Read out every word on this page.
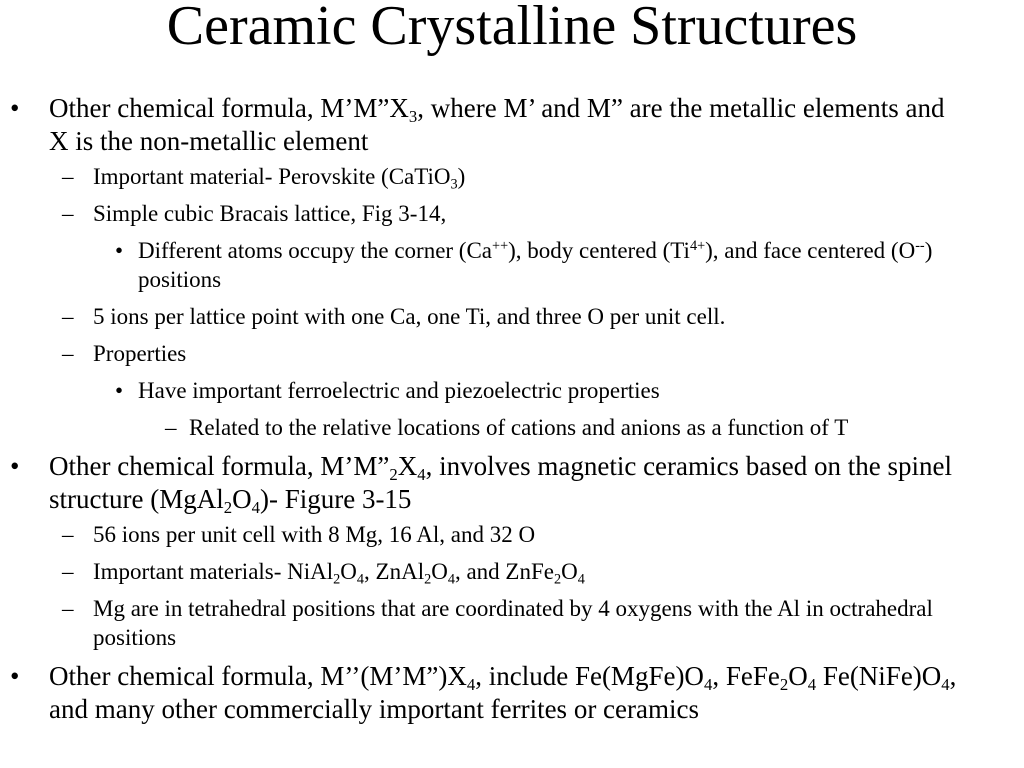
Ceramic Crystalline Structures
• Other chemical formula, $M’M”X_3$, where M’ and M” are the metallic elements and X is the non-metallic element
– Important material- Perovskite (CaTiO$_3$)
– Simple cubic Bracais lattice, Fig 3-14,
• Different atoms occupy the corner (Ca++), body centered $(Ti^{4+})$, and face centered (O--) positions
– 5 ions per lattice point with one Ca, one Ti, and three O per unit cell.
– Properties
• Have important ferroelectric and piezoelectric properties
– Related to the relative locations of cations and anions as a function of T
• Other chemical formula, $M’M”_2X_4$, involves magnetic ceramics based on the spinel structure $(MgAl_2O_4)-$ Figure 3-15
– 56 ions per unit cell with 8 Mg, 16 Al, and 32 O
– Important materials- $NiAl_2O_4$, $ZnAl_2O_4$, and $ZnFe_2O_4$
– Mg are in tetrahedral positions that are coordinated by 4 oxygens with the Al in octrahedral positions
• Other chemical formula, $M’’(M’M”)X_4$, include $Fe(MgFe)O_4$, $FeFe_2O_4$ $Fe(NiFe)O_4$, and many other commercially important ferrites or ceramics
